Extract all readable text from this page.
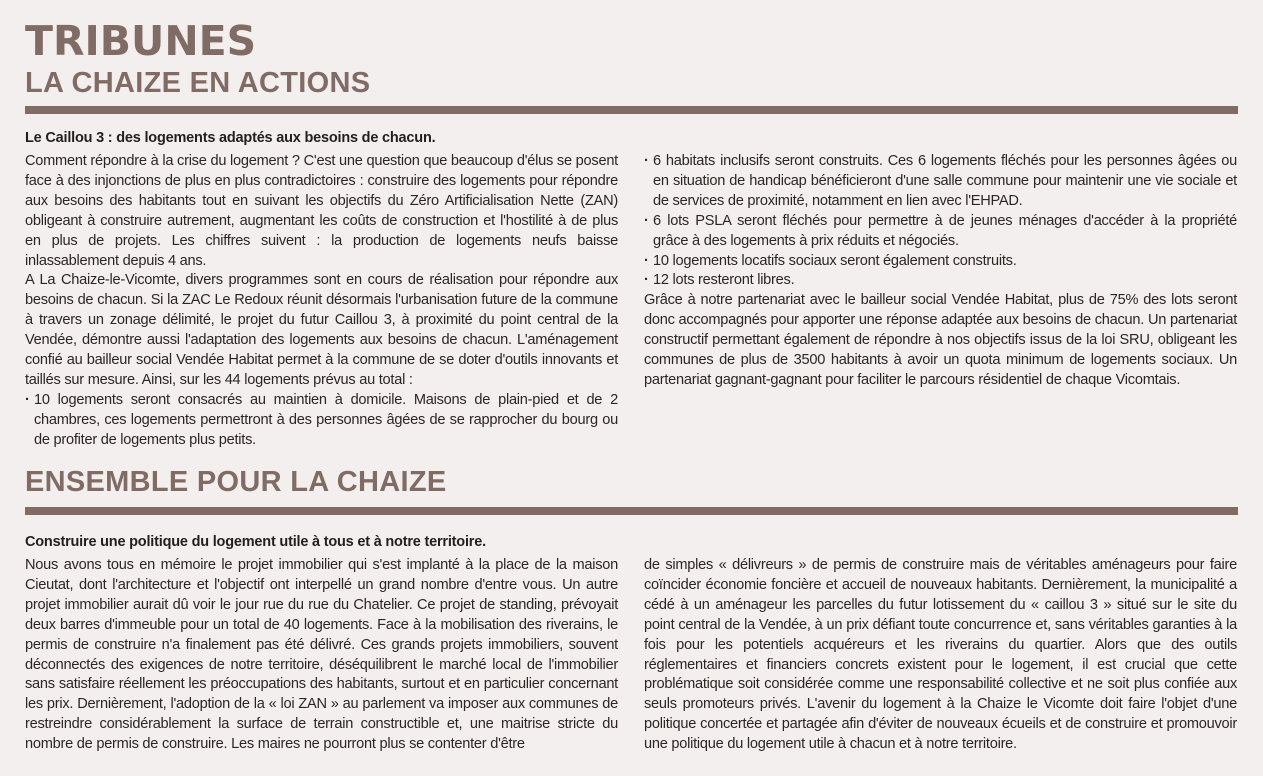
TRIBUNES
LA CHAIZE EN ACTIONS
Le Caillou 3 : des logements adaptés aux besoins de chacun.

Comment répondre à la crise du logement ? C'est une question que beaucoup d'élus se posent face à des injonctions de plus en plus contradictoires : construire des logements pour répondre aux besoins des habitants tout en suivant les objectifs du Zéro Artificialisation Nette (ZAN) obligeant à construire autrement, augmentant les coûts de construction et l'hostilité à de plus en plus de projets. Les chiffres suivent : la production de logements neufs baisse inlassablement depuis 4 ans.

A La Chaize-le-Vicomte, divers programmes sont en cours de réalisation pour répondre aux besoins de chacun. Si la ZAC Le Redoux réunit désormais l'urbanisation future de la commune à travers un zonage délimité, le projet du futur Caillou 3, à proximité du point central de la Vendée, démontre aussi l'adaptation des logements aux besoins de chacun. L'aménagement confié au bailleur social Vendée Habitat permet à la commune de se doter d'outils innovants et taillés sur mesure. Ainsi, sur les 44 logements prévus au total :

· 10 logements seront consacrés au maintien à domicile. Maisons de plain-pied et de 2 chambres, ces logements permettront à des personnes âgées de se rapprocher du bourg ou de profiter de logements plus petits.
· 6 habitats inclusifs seront construits. Ces 6 logements fléchés pour les personnes âgées ou en situation de handicap bénéficieront d'une salle commune pour maintenir une vie sociale et de services de proximité, notamment en lien avec l'EHPAD.
· 6 lots PSLA seront fléchés pour permettre à de jeunes ménages d'accéder à la propriété grâce à des logements à prix réduits et négociés.
· 10 logements locatifs sociaux seront également construits.
· 12 lots resteront libres.

Grâce à notre partenariat avec le bailleur social Vendée Habitat, plus de 75% des lots seront donc accompagnés pour apporter une réponse adaptée aux besoins de chacun. Un partenariat constructif permettant également de répondre à nos objectifs issus de la loi SRU, obligeant les communes de plus de 3500 habitants à avoir un quota minimum de logements sociaux. Un partenariat gagnant-gagnant pour faciliter le parcours résidentiel de chaque Vicomtais.

ENSEMBLE POUR LA CHAIZE
Construire une politique du logement utile à tous et à notre territoire.

Nous avons tous en mémoire le projet immobilier qui s'est implanté à la place de la maison Cieutat, dont l'architecture et l'objectif ont interpellé un grand nombre d'entre vous. Un autre projet immobilier aurait dû voir le jour rue du rue du Chatelier. Ce projet de standing, prévoyait deux barres d'immeuble pour un total de 40 logements. Face à la mobilisation des riverains, le permis de construire n'a finalement pas été délivré. Ces grands projets immobiliers, souvent déconnectés des exigences de notre territoire, déséquilibrent le marché local de l'immobilier sans satisfaire réellement les préoccupations des habitants, surtout et en particulier concernant les prix. Dernièrement, l'adoption de la « loi ZAN » au parlement va imposer aux communes de restreindre considérablement la surface de terrain constructible et, une maitrise stricte du nombre de permis de construire. Les maires ne pourront plus se contenter d'être

de simples « délivreurs » de permis de construire mais de véritables aménageurs pour faire coïncider économie foncière et accueil de nouveaux habitants. Dernièrement, la municipalité a cédé à un aménageur les parcelles du futur lotissement du « caillou 3 » situé sur le site du point central de la Vendée, à un prix défiant toute concurrence et, sans véritables garanties à la fois pour les potentiels acquéreurs et les riverains du quartier. Alors que des outils réglementaires et financiers concrets existent pour le logement, il est crucial que cette problématique soit considérée comme une responsabilité collective et ne soit plus confiée aux seuls promoteurs privés. L'avenir du logement à la Chaize le Vicomte doit faire l'objet d'une politique concertée et partagée afin d'éviter de nouveaux écueils et de construire et promouvoir une politique du logement utile à chacun et à notre territoire.
